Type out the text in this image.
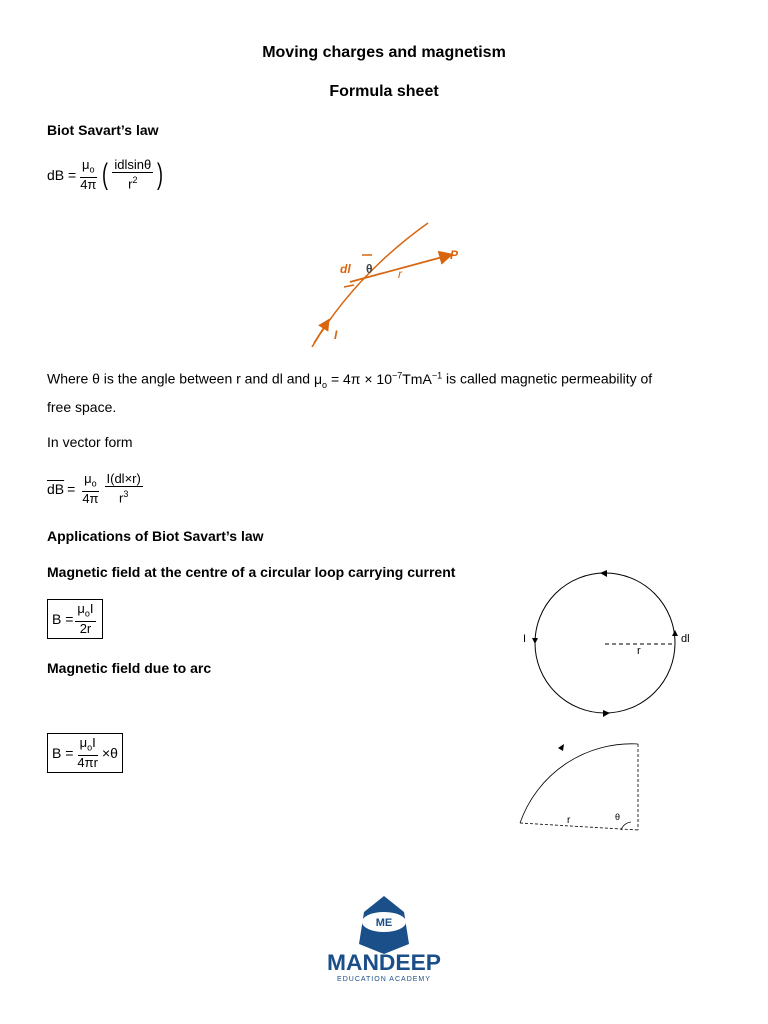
Moving charges and magnetism
Formula sheet
Biot Savart’s law
dB = $\frac{\mu_o}{4\pi}$ ( $\frac{\text{idlsinθ}}{r^2}$ )
dl θ r
P
I
Where θ is the angle between r and dl and $\mu_o = 4\pi \times 10^{-7}TmA^{-1}$ is called magnetic permeability of
free space.
In vector form
$\overline{dB} = \frac{\mu_o}{4\pi} \frac{I(dl\times r)}{r^3}$
Applications of Biot Savart’s law
Magnetic field at the centre of a circular loop carrying current
$B = \frac{\mu_oI}{2r}$
I
r
dl
Magnetic field due to arc
$B = \frac{\mu_oI}{4\pi r} \times\theta$
r	θ
ME
MANDEEP
EDUCATION ACADEMY
